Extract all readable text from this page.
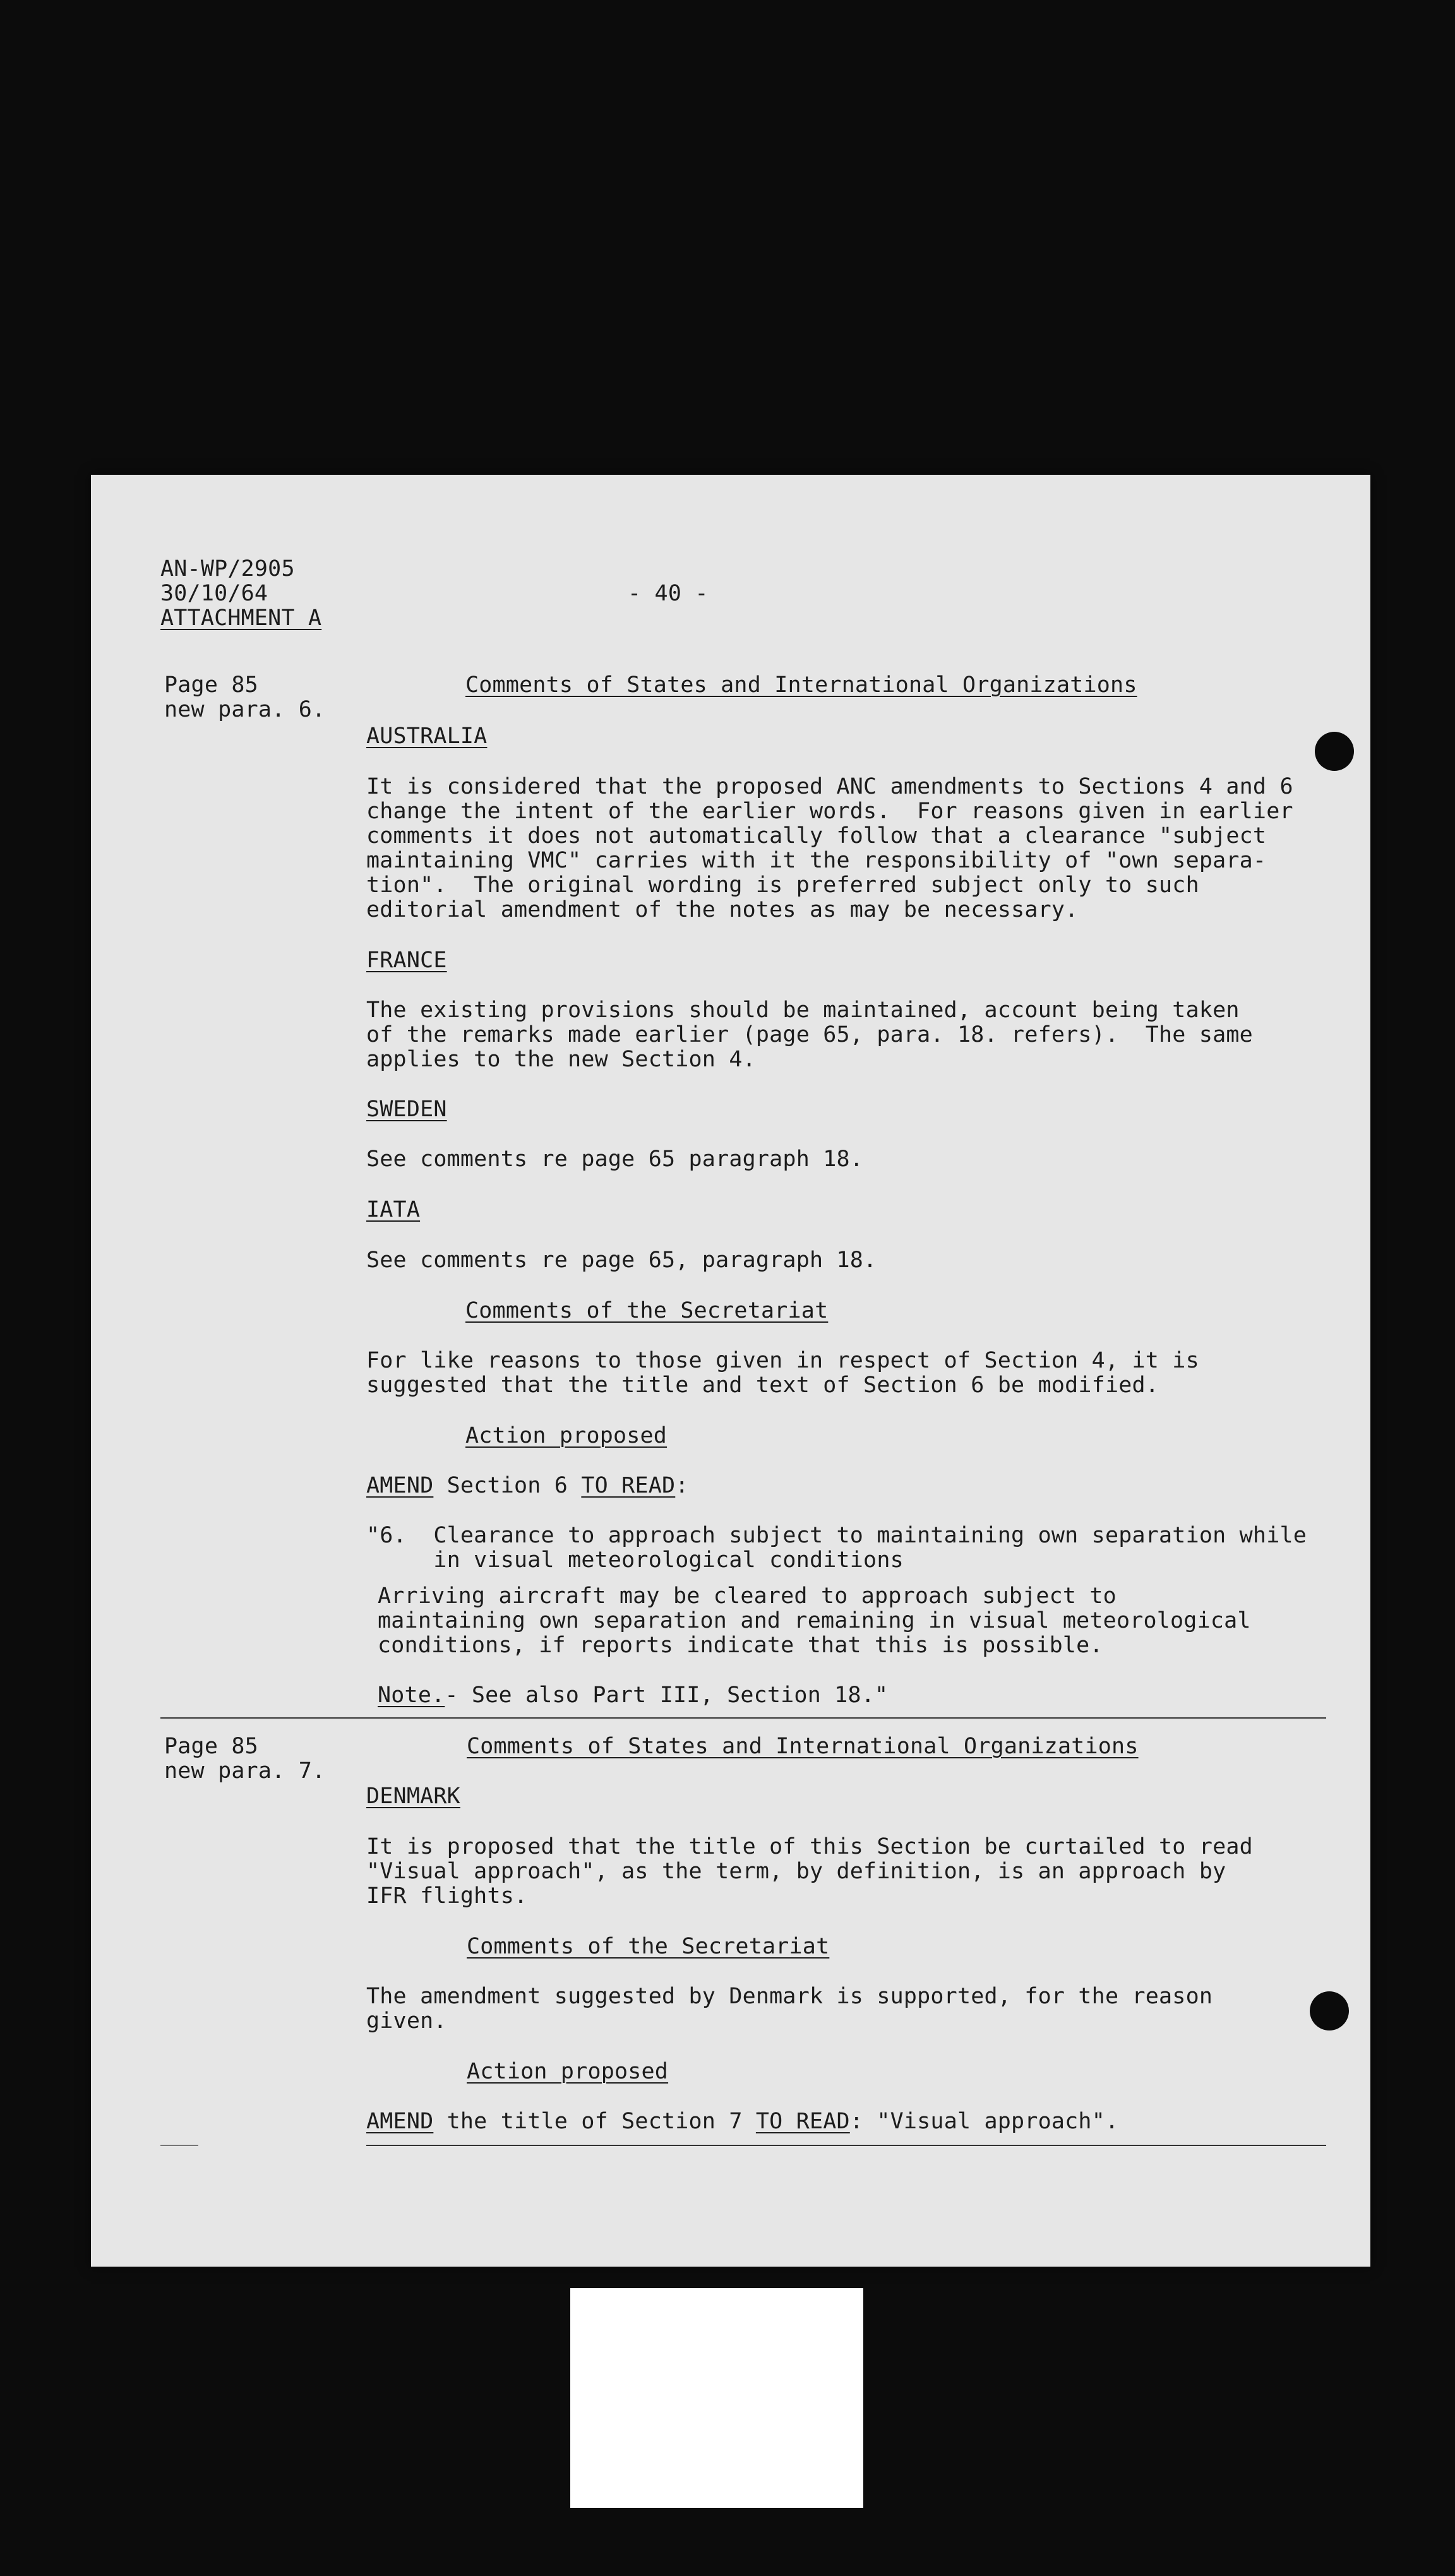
AN-WP/2905

30/10/64

ATTACHMENT A

- 40 -

Page 85

new para. 6.

Comments of States and International Organizations

AUSTRALIA

It is considered that the proposed ANC amendments to Sections 4 and 6

change the intent of the earlier words.  For reasons given in earlier

comments it does not automatically follow that a clearance "subject

maintaining VMC" carries with it the responsibility of "own separa-

tion".  The original wording is preferred subject only to such

editorial amendment of the notes as may be necessary.

FRANCE

The existing provisions should be maintained, account being taken

of the remarks made earlier (page 65, para. 18. refers).  The same

applies to the new Section 4.

SWEDEN

See comments re page 65 paragraph 18.

IATA

See comments re page 65, paragraph 18.

Comments of the Secretariat

For like reasons to those given in respect of Section 4, it is

suggested that the title and text of Section 6 be modified.

Action proposed

AMEND Section 6 TO READ:

"6.  Clearance to approach subject to maintaining own separation while

in visual meteorological conditions

Arriving aircraft may be cleared to approach subject to

maintaining own separation and remaining in visual meteorological

conditions, if reports indicate that this is possible.

Note.- See also Part III, Section 18."

Page 85

new para. 7.

Comments of States and International Organizations

DENMARK

It is proposed that the title of this Section be curtailed to read

"Visual approach", as the term, by definition, is an approach by

IFR flights.

Comments of the Secretariat

The amendment suggested by Denmark is supported, for the reason

given.

Action proposed

AMEND the title of Section 7 TO READ: "Visual approach".
